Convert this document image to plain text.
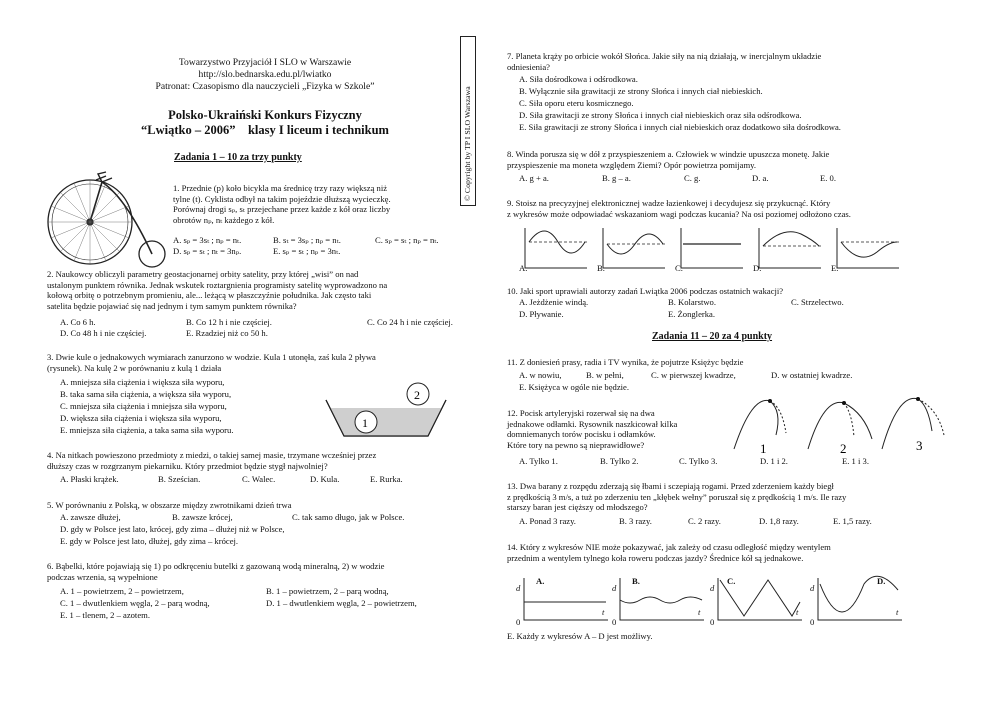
Towarzystwo Przyjaciół I SLO w Warszawie
http://slo.bednarska.edu.pl/lwiatko
Patronat: Czasopismo dla nauczycieli „Fizyka w Szkole”
Polsko-Ukraiński Konkurs Fizyczny
“Lwiątko – 2006”    klasy I liceum i technikum	© Copyright by TP I SLO Warszawa
Zadania 1 – 10 za trzy punkty
1. Przednie (p) koło bicykla ma średnicę trzy razy większą niż
tylne (t). Cyklista odbył na takim pojeździe dłuższą wycieczkę.
Porównaj drogi sₚ, sₜ przejechane przez każde z kół oraz liczby
obrotów nₚ, nₜ każdego z kół.
A. sₚ = 3sₜ ; nₚ = nₜ.	B. sₜ = 3sₚ ; nₚ = nₜ.	C. sₚ = sₜ ; nₚ = nₜ.
D. sₚ = sₜ ; nₜ = 3nₚ.	E. sₚ = sₜ ; nₚ = 3nₜ.
2. Naukowcy obliczyli parametry geostacjonarnej orbity satelity, przy której „wisi” on nad
ustalonym punktem równika. Jednak wskutek roztargnienia programisty satelitę wyprowadzono na
kołową orbitę o potrzebnym promieniu, ale... leżącą w płaszczyźnie południka. Jak często taki
satelita będzie pojawiać się nad jednym i tym samym punktem równika?
A. Co 6 h.	B. Co 12 h i nie częściej.	C. Co 24 h i nie częściej.
D. Co 48 h i nie częściej.	E. Rzadziej niż co 50 h.
3. Dwie kule o jednakowych wymiarach zanurzono w wodzie. Kula 1 utonęła, zaś kula 2 pływa
(rysunek). Na kulę 2 w porównaniu z kulą 1 działa
A. mniejsza siła ciążenia i większa siła wyporu,
B. taka sama siła ciążenia, a większa siła wyporu,
C. mniejsza siła ciążenia i mniejsza siła wyporu,
D. większa siła ciążenia i większa siła wyporu,
E. mniejsza siła ciążenia, a taka sama siła wyporu.
2
1
4. Na nitkach powieszono przedmioty z miedzi, o takiej samej masie, trzymane wcześniej przez
dłuższy czas w rozgrzanym piekarniku. Który przedmiot będzie stygł najwolniej?
A. Płaski krążek.	B. Sześcian.	C. Walec.	D. Kula.	E. Rurka.
5. W porównaniu z Polską, w obszarze między zwrotnikami dzień trwa
A. zawsze dłużej,	B. zawsze krócej,	C. tak samo długo, jak w Polsce.
D. gdy w Polsce jest lato, krócej, gdy zima – dłużej niż w Polsce,
E. gdy w Polsce jest lato, dłużej, gdy zima – krócej.
6. Bąbelki, które pojawiają się 1) po odkręceniu butelki z gazowaną wodą mineralną, 2) w wodzie
podczas wrzenia, są wypełnione
A. 1 – powietrzem, 2 – powietrzem,	B. 1 – powietrzem, 2 – parą wodną,
C. 1 – dwutlenkiem węgla, 2 – parą wodną,	D. 1 – dwutlenkiem węgla, 2 – powietrzem,
E. 1 – tlenem, 2 – azotem.
7. Planeta krąży po orbicie wokół Słońca. Jakie siły na nią działają, w inercjalnym układzie
odniesienia?
A. Siła dośrodkowa i odśrodkowa.
B. Wyłącznie siła grawitacji ze strony Słońca i innych ciał niebieskich.
C. Siła oporu eteru kosmicznego.
D. Siła grawitacji ze strony Słońca i innych ciał niebieskich oraz siła odśrodkowa.
E. Siła grawitacji ze strony Słońca i innych ciał niebieskich oraz dodatkowo siła dośrodkowa.
8. Winda porusza się w dół z przyspieszeniem a. Człowiek w windzie upuszcza monetę. Jakie
przyspieszenie ma moneta względem Ziemi? Opór powietrza pomijamy.
A. g + a.	B. g – a.	C. g.	D. a.	E. 0.
9. Stoisz na precyzyjnej elektronicznej wadze łazienkowej i decydujesz się przykucnąć. Który
z wykresów może odpowiadać wskazaniom wagi podczas kucania? Na osi poziomej odłożono czas.
A.	B.	C.	D.	E.
10. Jaki sport uprawiali autorzy zadań Lwiątka 2006 podczas ostatnich wakacji?
A. Jeżdżenie windą.	B. Kolarstwo.	C. Strzelectwo.
D. Pływanie.	E. Żonglerka.
Zadania 11 – 20 za 4 punkty
11. Z doniesień prasy, radia i TV wynika, że pojutrze Księżyc będzie
A. w nowiu,	B. w pełni,	C. w pierwszej kwadrze,	D. w ostatniej kwadrze.
E. Księżyca w ogóle nie będzie.
12. Pocisk artyleryjski rozerwał się na dwa
jednakowe odłamki. Rysownik naszkicował kilka
domniemanych torów pocisku i odłamków.
Które tory na pewno są nieprawidłowe?	1	2	3
A. Tylko 1.	B. Tylko 2.	C. Tylko 3.	D. 1 i 2.	E. 1 i 3.
13. Dwa barany z rozpędu zderzają się łbami i sczepiają rogami. Przed zderzeniem każdy biegł
z prędkością 3 m/s, a tuż po zderzeniu ten „kłębek wełny” poruszał się z prędkością 1 m/s. Ile razy
starszy baran jest cięższy od młodszego?
A. Ponad 3 razy.	B. 3 razy.	C. 2 razy.	D. 1,8 razy.	E. 1,5 razy.
14. Który z wykresów NIE może pokazywać, jak zależy od czasu odległość między wentylem
przednim a wentylem tylnego koła roweru podczas jazdy? Średnice kół są jednakowe.
A.	B.	C.	D.
d	d	d	d
t	t	t	t
0	0	0	0
E. Każdy z wykresów A – D jest możliwy.
